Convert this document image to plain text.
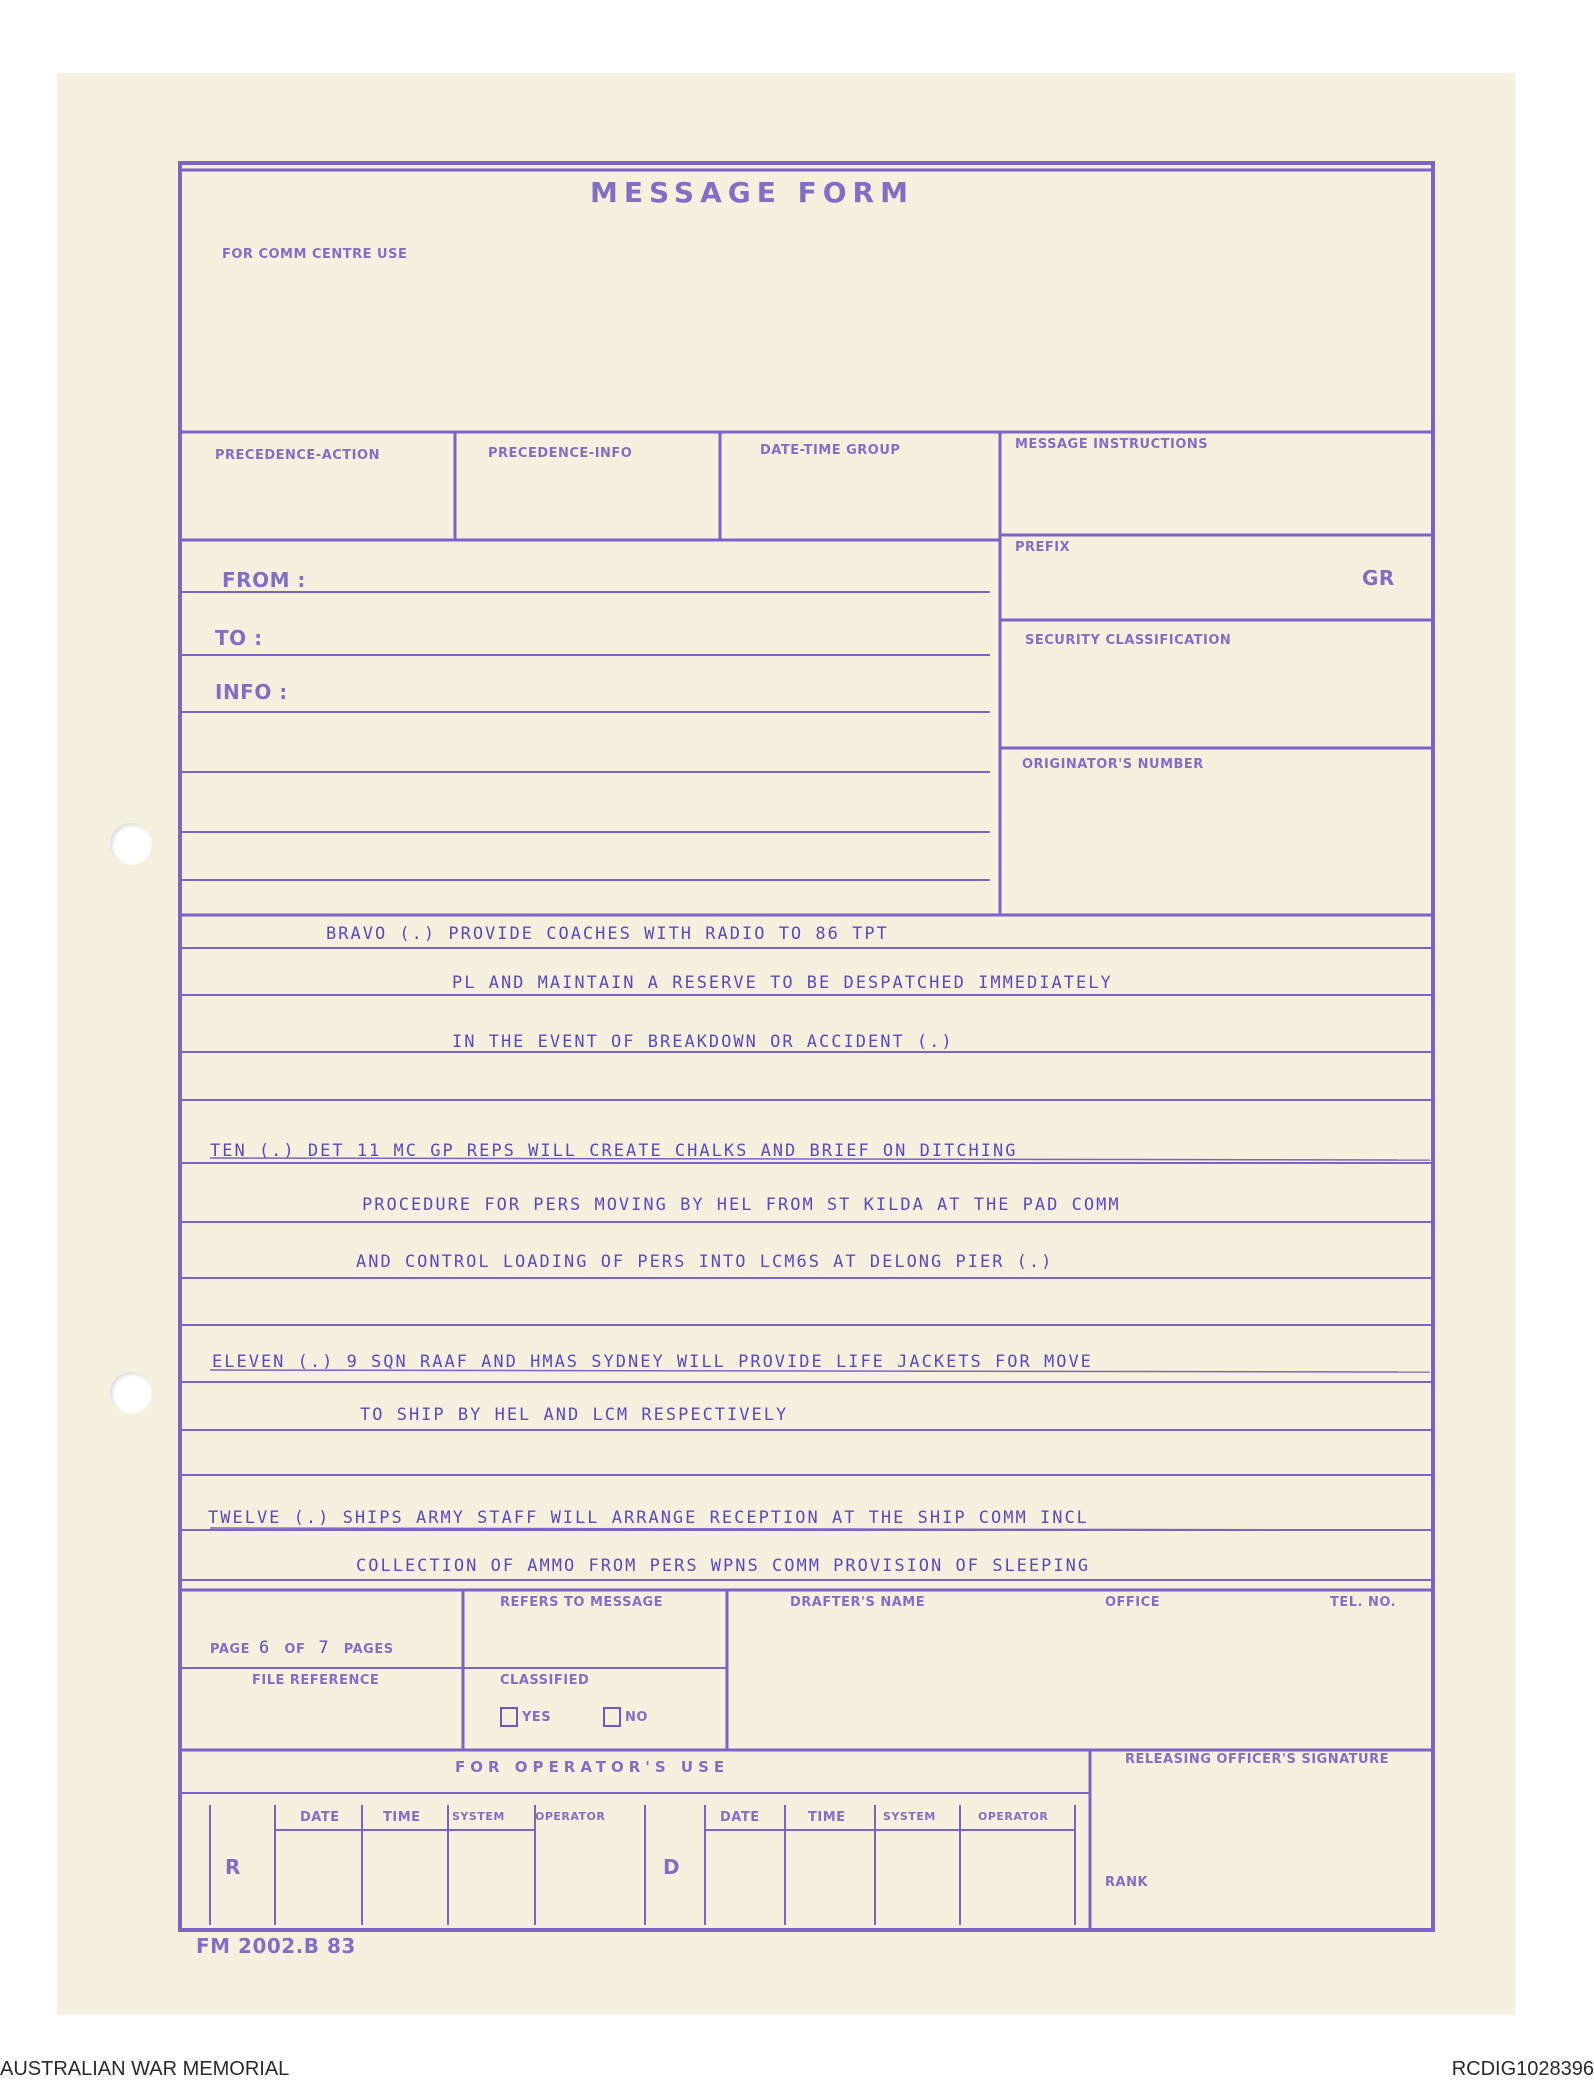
MESSAGE FORM
FOR COMM CENTRE USE
PRECEDENCE-ACTION	PRECEDENCE-INFO	DATE-TIME GROUP	MESSAGE INSTRUCTIONS
PREFIX
GR
FROM :
TO :
INFO :
SECURITY CLASSIFICATION
ORIGINATOR'S NUMBER
BRAVO (.) PROVIDE COACHES WITH RADIO TO 86 TPT
PL AND MAINTAIN A RESERVE TO BE DESPATCHED IMMEDIATELY
IN THE EVENT OF BREAKDOWN OR ACCIDENT (.)
TEN (.) DET 11 MC GP REPS WILL CREATE CHALKS AND BRIEF ON DITCHING
PROCEDURE FOR PERS MOVING BY HEL FROM ST KILDA AT THE PAD COMM
AND CONTROL LOADING OF PERS INTO LCM6S AT DELONG PIER (.)
ELEVEN (.) 9 SQN RAAF AND HMAS SYDNEY WILL PROVIDE LIFE JACKETS FOR MOVE
TO SHIP BY HEL AND LCM RESPECTIVELY
TWELVE (.) SHIPS ARMY STAFF WILL ARRANGE RECEPTION AT THE SHIP COMM INCL
COLLECTION OF AMMO FROM PERS WPNS COMM PROVISION OF SLEEPING
REFERS TO MESSAGE	DRAFTER'S NAME	OFFICE	TEL. NO.
PAGE 6 OF 7 PAGES
FILE REFERENCE	CLASSIFIED
YES	NO
FOR OPERATOR'S USE	RELEASING OFFICER'S SIGNATURE
RANK
R
DATE	TIME	SYSTEM	OPERATOR
D
DATE	TIME	SYSTEM	OPERATOR
FM 2002.B 83
AUSTRALIAN WAR MEMORIAL	RCDIG1028396
